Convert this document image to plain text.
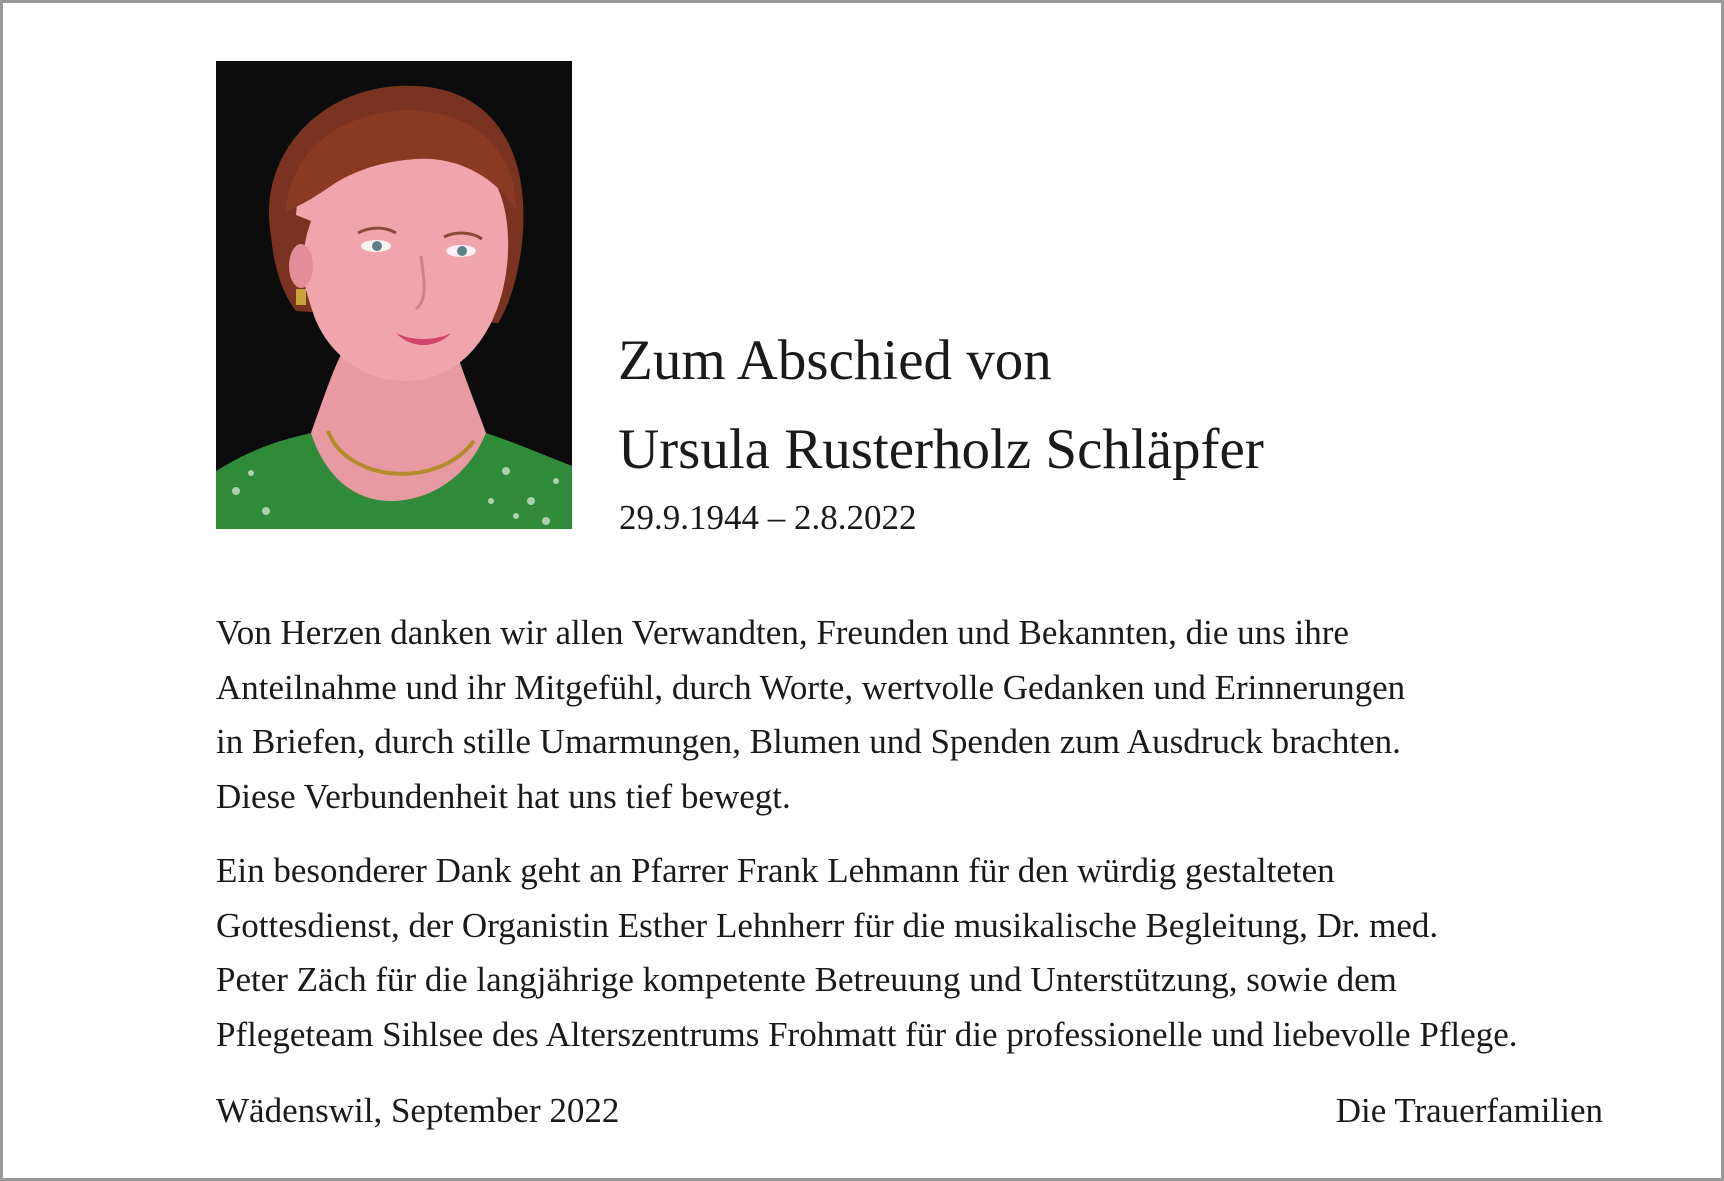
Zum Abschied von
Ursula Rusterholz Schläpfer
29.9.1944 – 2.8.2022

Von Herzen danken wir allen Verwandten, Freunden und Bekannten, die uns ihre
Anteilnahme und ihr Mitgefühl, durch Worte, wertvolle Gedanken und Erinnerungen
in Briefen, durch stille Umarmungen, Blumen und Spenden zum Ausdruck brachten.
Diese Verbundenheit hat uns tief bewegt.

Ein besonderer Dank geht an Pfarrer Frank Lehmann für den würdig gestalteten
Gottesdienst, der Organistin Esther Lehnherr für die musikalische Begleitung, Dr. med.
Peter Zäch für die langjährige kompetente Betreuung und Unterstützung, sowie dem
Pflegeteam Sihlsee des Alterszentrums Frohmatt für die professionelle und liebevolle Pflege.

Wädenswil, September 2022	Die Trauerfamilien
